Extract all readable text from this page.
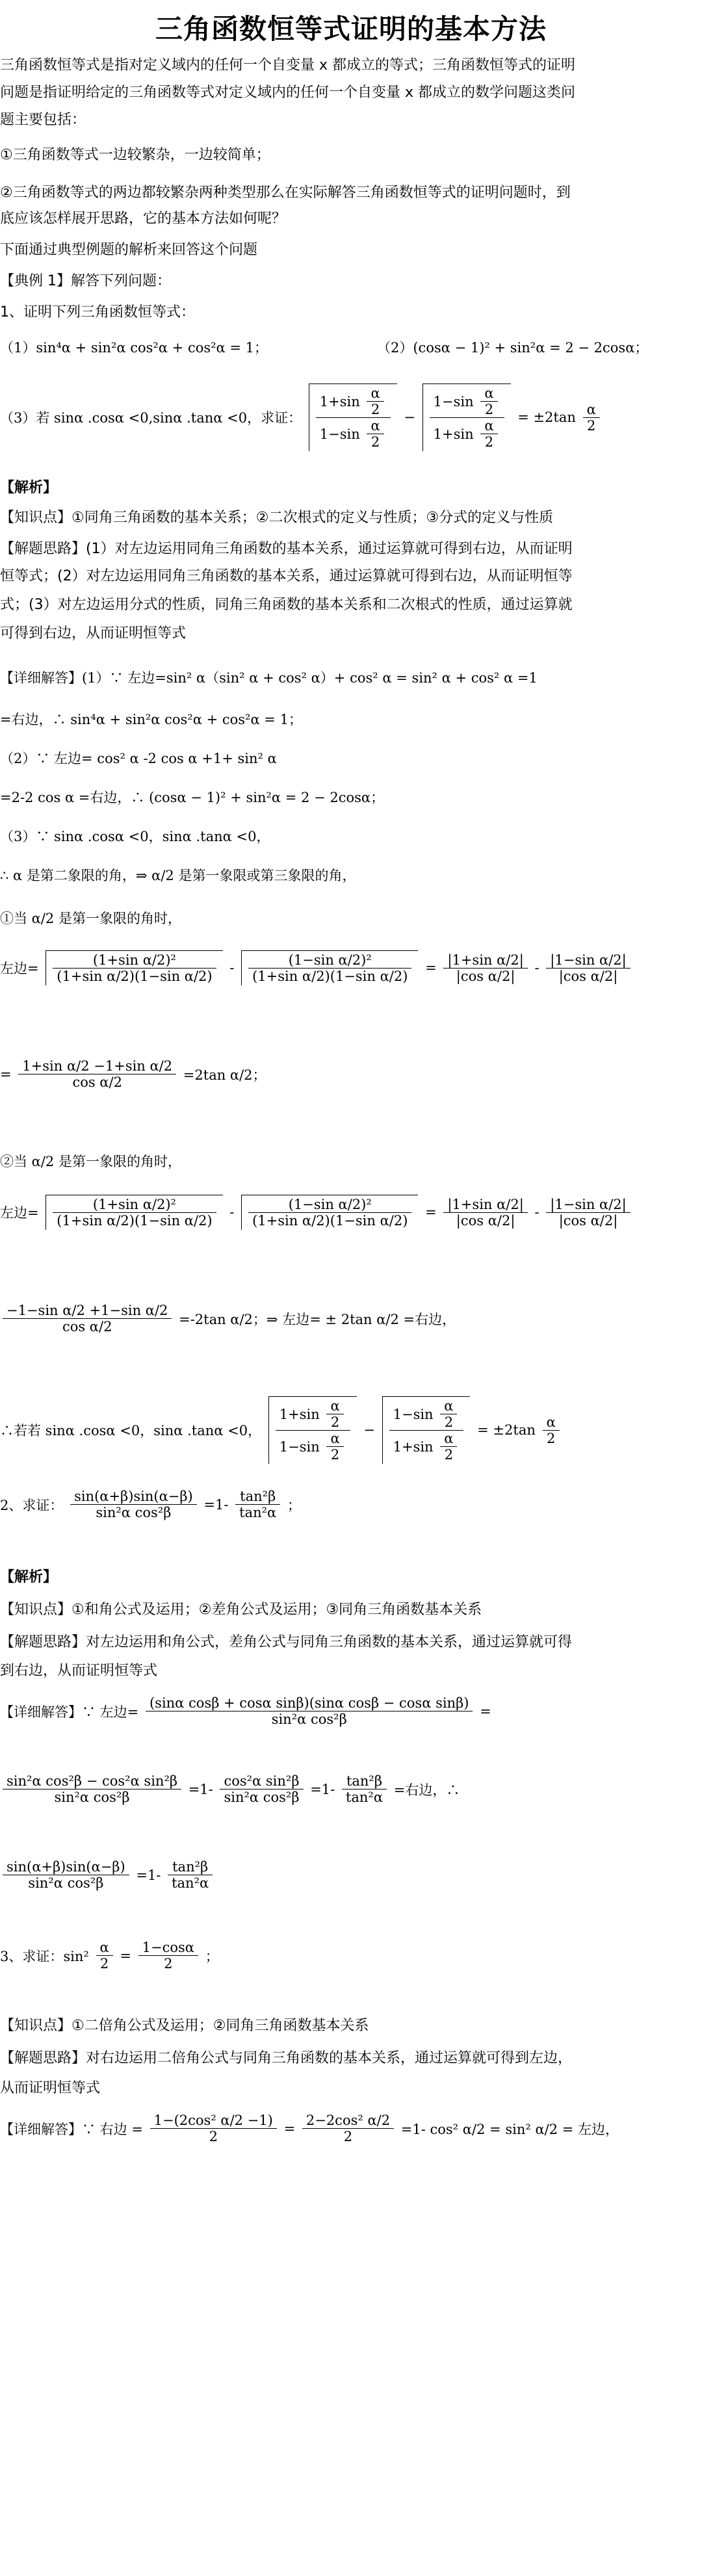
三角函数恒等式证明的基本方法
三角函数恒等式是指对定义域内的任何一个自变量 x 都成立的等式；三角函数恒等式的证明
问题是指证明给定的三角函数等式对定义域内的任何一个自变量 x 都成立的数学问题这类问
题主要包括：
①三角函数等式一边较繁杂，一边较简单；
②三角函数等式的两边都较繁杂两种类型那么在实际解答三角函数恒等式的证明问题时，到
底应该怎样展开思路，它的基本方法如何呢？
下面通过典型例题的解析来回答这个问题
【典例 1】解答下列问题：
1、证明下列三角函数恒等式：
（1）sin⁴α + sin²α cos²α + cos²α = 1；	（2）(cosα − 1)² + sin²α = 2 − 2cosα；
（3）若 sinα .cosα <0,sinα .tanα <0，求证： $\frac{1+\sin \frac{\alpha}{2}}{1-\sin \frac{\alpha}{2}} - \frac{1-\sin \frac{\alpha}{2}}{1+\sin \frac{\alpha}{2}} = \pm 2\tan \frac{\alpha}{2}$
【解析】
【知识点】①同角三角函数的基本关系；②二次根式的定义与性质；③分式的定义与性质
【解题思路】(1）对左边运用同角三角函数的基本关系，通过运算就可得到右边，从而证明
恒等式；(2）对左边运用同角三角函数的基本关系，通过运算就可得到右边，从而证明恒等
式；(3）对左边运用分式的性质，同角三角函数的基本关系和二次根式的性质，通过运算就
可得到右边，从而证明恒等式
【详细解答】(1）∵ 左边=sin² α（sin² α + cos² α）+ cos² α = sin² α + cos² α =1
=右边，∴ sin⁴α + sin²α cos²α + cos²α = 1；
（2）∵ 左边= cos² α -2 cos α +1+ sin² α
=2-2 cos α =右边，∴ (cosα − 1)² + sin²α = 2 − 2cosα；
（3）∵ sinα .cosα <0，sinα .tanα <0，
∴ α 是第二象限的角，⇒ α/2 是第一象限或第三象限的角，
①当 α/2 是第一象限的角时，
左边= $\frac{\text{(1+sin α/2)²}}{\text{(1+sin α/2)(1−sin α/2)}} - \frac{\text{(1−sin α/2)²}}{\text{(1+sin α/2)(1−sin α/2)}} = \frac{\text{|1+sin α/2|}}{\text{|cos α/2|}} - \frac{\text{|1−sin α/2|}}{\text{|cos α/2|}}$
= $\frac{\text{1+sin α/2 −1+sin α/2}}{\text{cos α/2}} =2\tan$ α/2；
②当 α/2 是第一象限的角时，
左边= $\frac{\text{(1+sin α/2)²}}{\text{(1+sin α/2)(1−sin α/2)}} - \frac{\text{(1−sin α/2)²}}{\text{(1+sin α/2)(1−sin α/2)}} = \frac{\text{|1+sin α/2|}}{\text{|cos α/2|}} - \frac{\text{|1−sin α/2|}}{\text{|cos α/2|}}$
$\frac{\text{−1−sin α/2 +1−sin α/2}}{\text{cos α/2}} =-2\tan$ α/2；⇒ 左边= ± 2tan α/2 =右边，
∴若若 sinα .cosα <0，sinα .tanα <0， $\frac{1+\sin \frac{\alpha}{2}}{1-\sin \frac{\alpha}{2}} - \frac{1-\sin \frac{\alpha}{2}}{1+\sin \frac{\alpha}{2}} = \pm 2\tan \frac{\alpha}{2}$
2、求证： $\frac{\sin(\alpha+\beta)\sin(\alpha-\beta)}{\text{sin²α cos²β}} =1- \frac{\text{tan²β}}{\text{tan²α}}$ ；
【解析】
【知识点】①和角公式及运用；②差角公式及运用；③同角三角函数基本关系
【解题思路】对左边运用和角公式，差角公式与同角三角函数的基本关系，通过运算就可得
到右边，从而证明恒等式
【详细解答】∵ 左边= $\frac{\text{(sinα cosβ + cosα sinβ)(sinα cosβ − cosα sinβ)}}{\text{sin²α cos²β}}$ =
$\frac{\text{sin²α cos²β − cos²α sin²β}}{\text{sin²α cos²β}} =1- \frac{\text{cos²α sin²β}}{\text{sin²α cos²β}} =1- \frac{\text{tan²β}}{\text{tan²α}}$ =右边，∴
$\frac{\sin(\alpha+\beta)\sin(\alpha-\beta)}{\text{sin²α cos²β}} =1- \frac{\text{tan²β}}{\text{tan²α}}$
3、求证：$\sin^2 \frac{\alpha}{2} = \frac{1-\cos\alpha}{2}$ ；
【知识点】①二倍角公式及运用；②同角三角函数基本关系
【解题思路】对右边运用二倍角公式与同角三角函数的基本关系，通过运算就可得到左边，
从而证明恒等式
【详细解答】∵ 右边 = $\frac{\text{1−(2cos² α/2 −1)}}{2} = \frac{\text{2−2cos² α/2}}{2} =1-$ cos² α/2 = sin² α/2 = 左边，
